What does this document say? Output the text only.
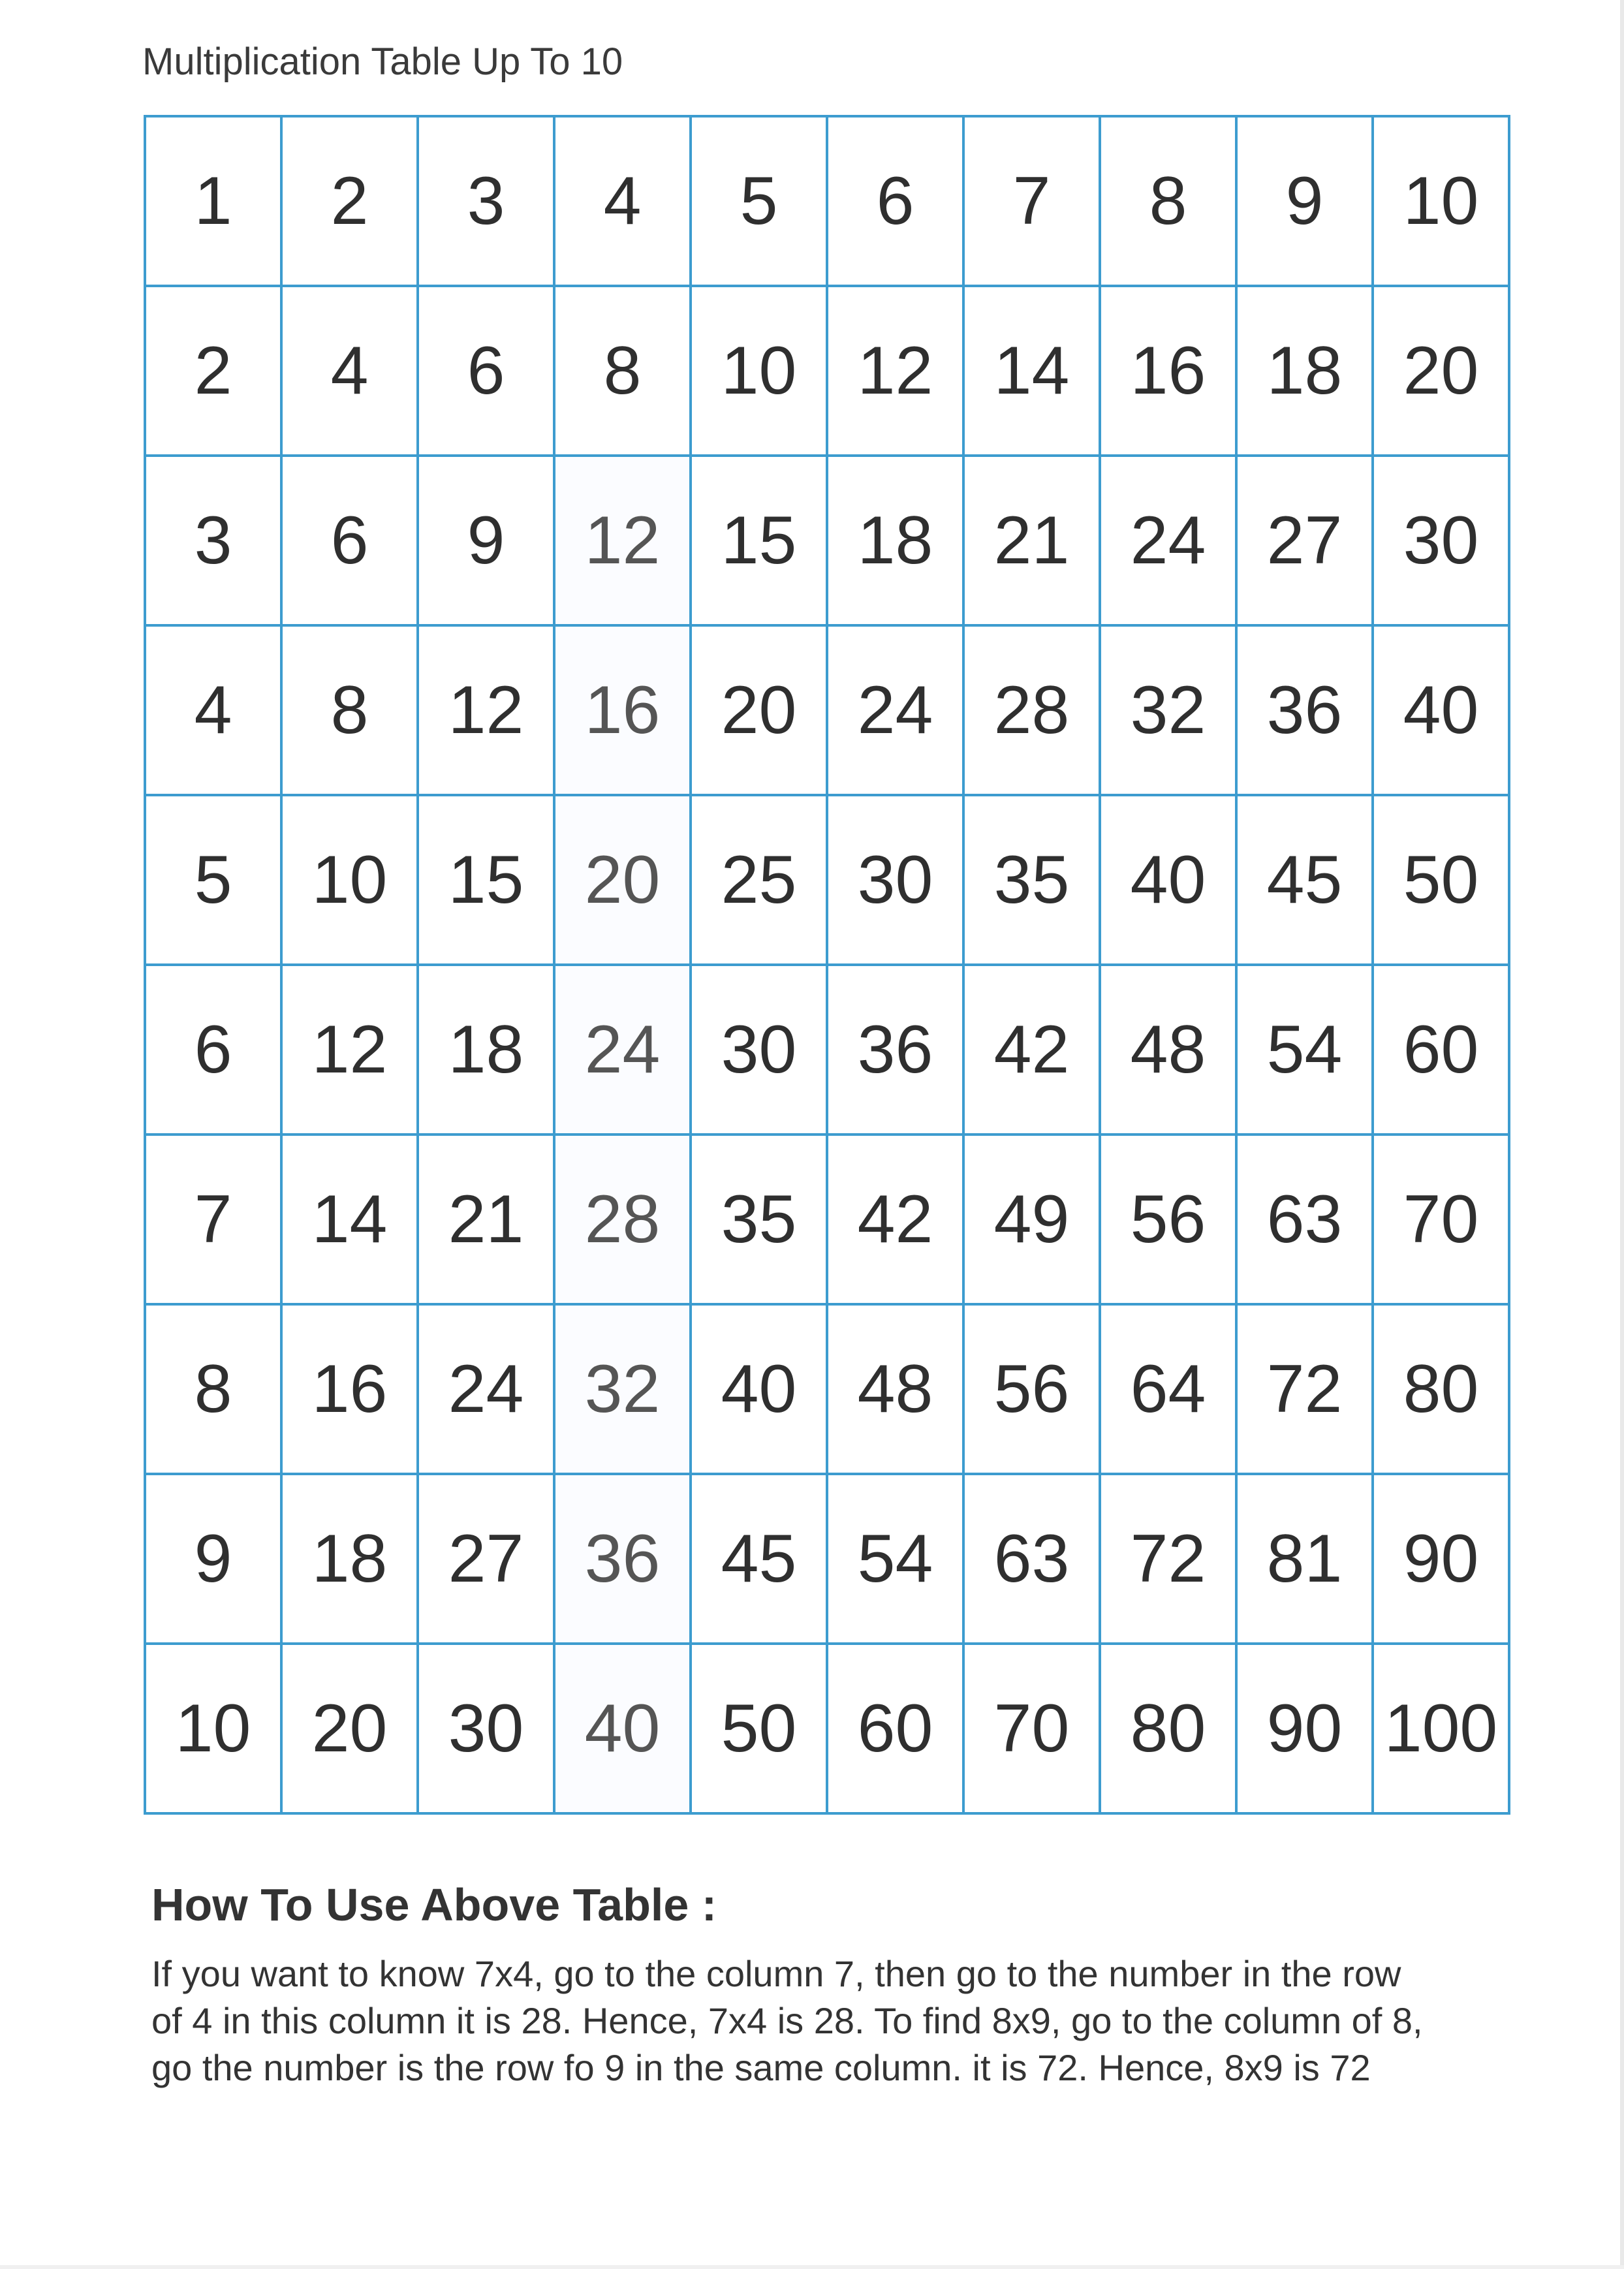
Multiplication Table Up To 10
1	2	3	4	5	6	7	8	9	10
2	4	6	8	10	12	14	16	18	20
3	6	9	12	15	18	21	24	27	30
4	8	12	16	20	24	28	32	36	40
5	10	15	20	25	30	35	40	45	50
6	12	18	24	30	36	42	48	54	60
7	14	21	28	35	42	49	56	63	70
8	16	24	32	40	48	56	64	72	80
9	18	27	36	45	54	63	72	81	90
10	20	30	40	50	60	70	80	90	100
How To Use Above Table :
If you want to know 7x4, go to the column 7, then go to the number in the row
of 4 in this column it is 28. Hence, 7x4 is 28. To find 8x9, go to the column of 8,
go the number is the row fo 9 in the same column. it is 72. Hence, 8x9 is 72
